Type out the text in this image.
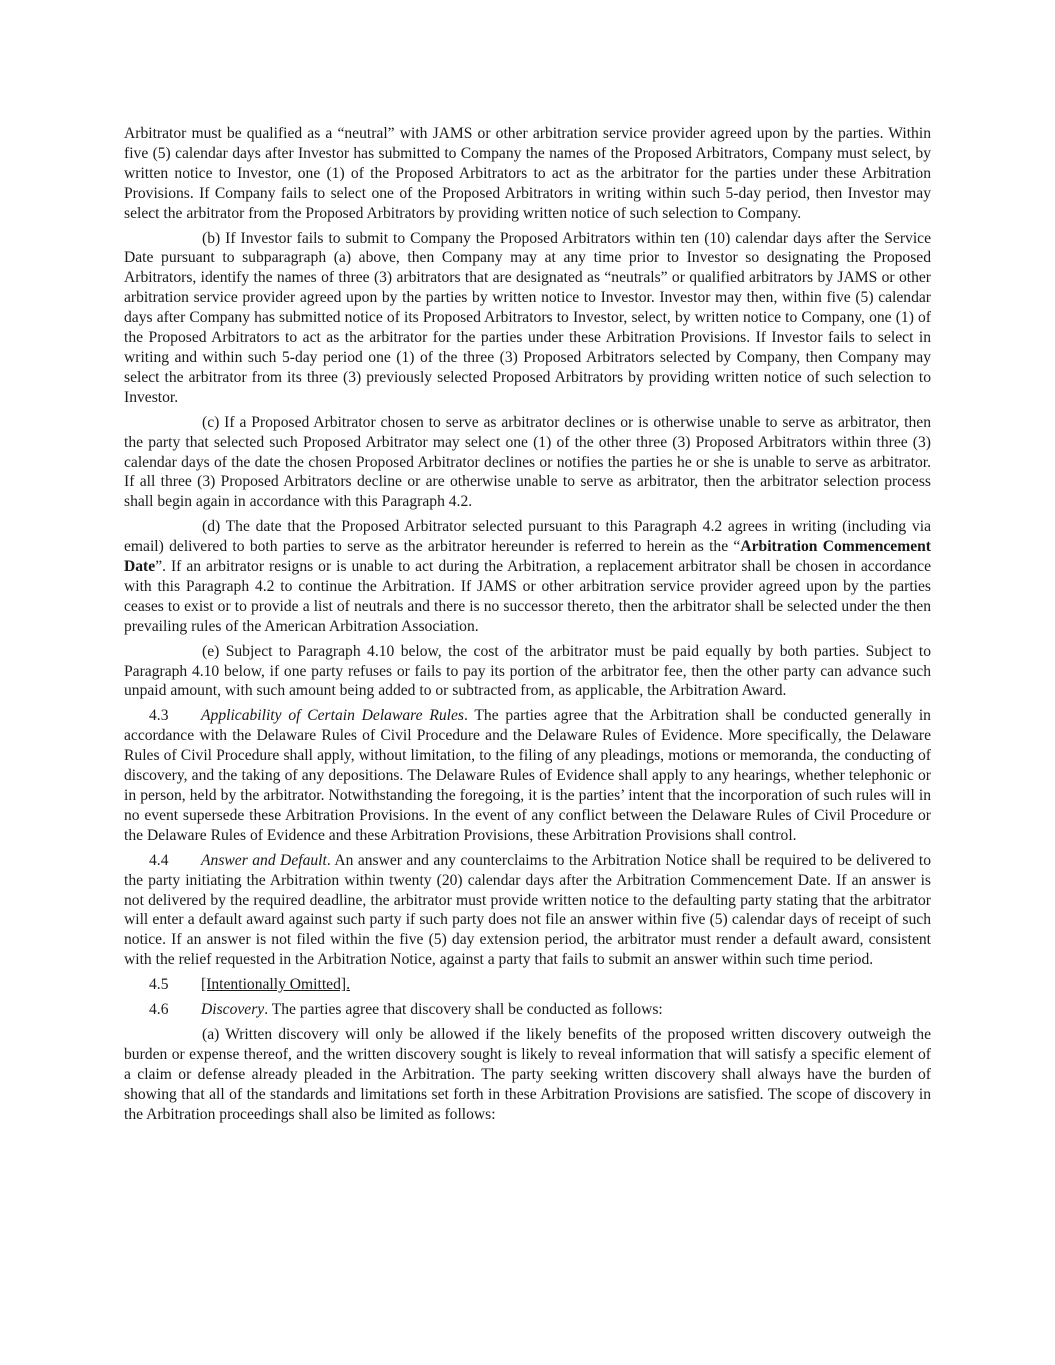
Arbitrator must be qualified as a “neutral” with JAMS or other arbitration service provider agreed upon by the parties. Within five (5) calendar days after Investor has submitted to Company the names of the Proposed Arbitrators, Company must select, by written notice to Investor, one (1) of the Proposed Arbitrators to act as the arbitrator for the parties under these Arbitration Provisions. If Company fails to select one of the Proposed Arbitrators in writing within such 5-day period, then Investor may select the arbitrator from the Proposed Arbitrators by providing written notice of such selection to Company.

(b) If Investor fails to submit to Company the Proposed Arbitrators within ten (10) calendar days after the Service Date pursuant to subparagraph (a) above, then Company may at any time prior to Investor so designating the Proposed Arbitrators, identify the names of three (3) arbitrators that are designated as “neutrals” or qualified arbitrators by JAMS or other arbitration service provider agreed upon by the parties by written notice to Investor. Investor may then, within five (5) calendar days after Company has submitted notice of its Proposed Arbitrators to Investor, select, by written notice to Company, one (1) of the Proposed Arbitrators to act as the arbitrator for the parties under these Arbitration Provisions. If Investor fails to select in writing and within such 5-day period one (1) of the three (3) Proposed Arbitrators selected by Company, then Company may select the arbitrator from its three (3) previously selected Proposed Arbitrators by providing written notice of such selection to Investor.

(c) If a Proposed Arbitrator chosen to serve as arbitrator declines or is otherwise unable to serve as arbitrator, then the party that selected such Proposed Arbitrator may select one (1) of the other three (3) Proposed Arbitrators within three (3) calendar days of the date the chosen Proposed Arbitrator declines or notifies the parties he or she is unable to serve as arbitrator. If all three (3) Proposed Arbitrators decline or are otherwise unable to serve as arbitrator, then the arbitrator selection process shall begin again in accordance with this Paragraph 4.2.

(d) The date that the Proposed Arbitrator selected pursuant to this Paragraph 4.2 agrees in writing (including via email) delivered to both parties to serve as the arbitrator hereunder is referred to herein as the “Arbitration Commencement Date”. If an arbitrator resigns or is unable to act during the Arbitration, a replacement arbitrator shall be chosen in accordance with this Paragraph 4.2 to continue the Arbitration. If JAMS or other arbitration service provider agreed upon by the parties ceases to exist or to provide a list of neutrals and there is no successor thereto, then the arbitrator shall be selected under the then prevailing rules of the American Arbitration Association.

(e) Subject to Paragraph 4.10 below, the cost of the arbitrator must be paid equally by both parties. Subject to Paragraph 4.10 below, if one party refuses or fails to pay its portion of the arbitrator fee, then the other party can advance such unpaid amount, with such amount being added to or subtracted from, as applicable, the Arbitration Award.

4.3 Applicability of Certain Delaware Rules. The parties agree that the Arbitration shall be conducted generally in accordance with the Delaware Rules of Civil Procedure and the Delaware Rules of Evidence. More specifically, the Delaware Rules of Civil Procedure shall apply, without limitation, to the filing of any pleadings, motions or memoranda, the conducting of discovery, and the taking of any depositions. The Delaware Rules of Evidence shall apply to any hearings, whether telephonic or in person, held by the arbitrator. Notwithstanding the foregoing, it is the parties’ intent that the incorporation of such rules will in no event supersede these Arbitration Provisions. In the event of any conflict between the Delaware Rules of Civil Procedure or the Delaware Rules of Evidence and these Arbitration Provisions, these Arbitration Provisions shall control.

4.4 Answer and Default. An answer and any counterclaims to the Arbitration Notice shall be required to be delivered to the party initiating the Arbitration within twenty (20) calendar days after the Arbitration Commencement Date. If an answer is not delivered by the required deadline, the arbitrator must provide written notice to the defaulting party stating that the arbitrator will enter a default award against such party if such party does not file an answer within five (5) calendar days of receipt of such notice. If an answer is not filed within the five (5) day extension period, the arbitrator must render a default award, consistent with the relief requested in the Arbitration Notice, against a party that fails to submit an answer within such time period.

4.5 [Intentionally Omitted].

4.6 Discovery. The parties agree that discovery shall be conducted as follows:

(a) Written discovery will only be allowed if the likely benefits of the proposed written discovery outweigh the burden or expense thereof, and the written discovery sought is likely to reveal information that will satisfy a specific element of a claim or defense already pleaded in the Arbitration. The party seeking written discovery shall always have the burden of showing that all of the standards and limitations set forth in these Arbitration Provisions are satisfied. The scope of discovery in the Arbitration proceedings shall also be limited as follows:
